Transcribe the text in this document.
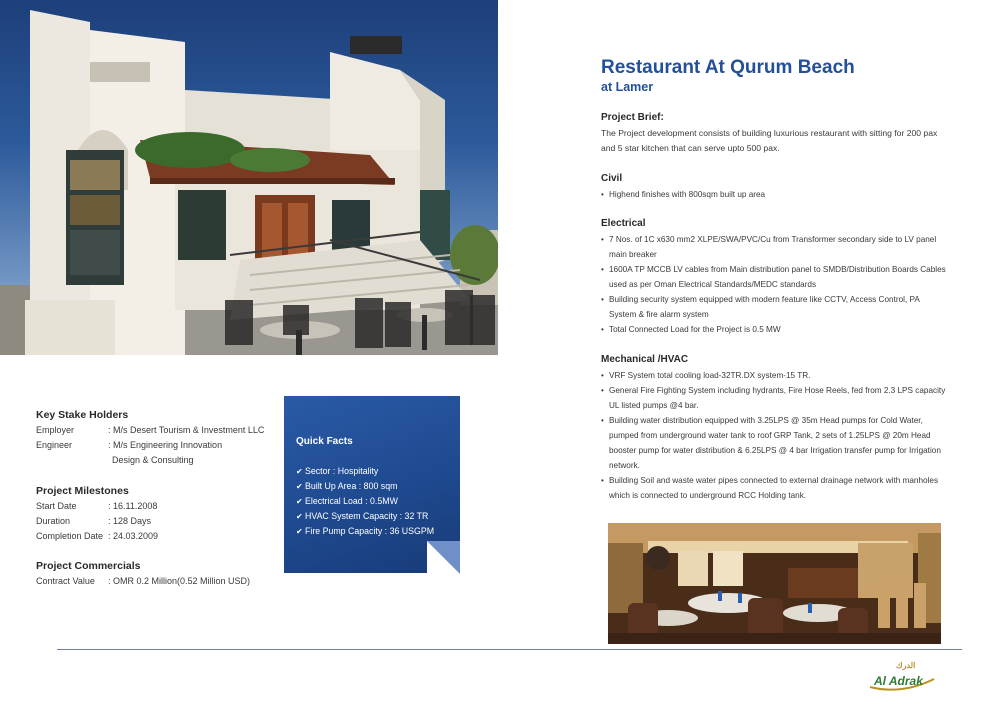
Key Stake Holders
Employer	: M/s Desert Tourism & Investment LLC
Engineer	: M/s Engineering Innovation
Design & Consulting
Project Milestones
Start Date	: 16.11.2008
Duration	: 128 Days
Completion Date : 24.03.2009
Project Commercials
Contract Value : OMR 0.2 Million(0.52 Million USD)
Quick Facts
✔ Sector : Hospitality
✔ Built Up Area : 800 sqm
✔ Electrical Load : 0.5MW
✔ HVAC System Capacity : 32 TR
✔ Fire Pump Capacity : 36 USGPM
Restaurant At Qurum Beach
at Lamer
Project Brief:
The Project development consists of building luxurious restaurant with sitting for 200 pax and 5 star kitchen that can serve upto 500 pax.
Civil
• Highend finishes with 800sqm built up area
Electrical
• 7 Nos. of 1C x630 mm2 XLPE/SWA/PVC/Cu from Transformer secondary side to LV panel main breaker
• 1600A TP MCCB LV cables from Main distribution panel to SMDB/Distribution Boards Cables used as per Oman Electrical Standards/MEDC standards
• Building security system equipped with modern feature like CCTV, Access Control, PA System & fire alarm system
• Total Connected Load for the Project is 0.5 MW
Mechanical /HVAC
• VRF System total cooling load-32TR.DX system-15 TR.
• General Fire Fighting System including hydrants, Fire Hose Reels, fed from 2.3 LPS capacity UL listed pumps @4 bar.
• Building water distribution equipped with 3.25LPS @ 35m Head pumps for Cold Water, pumped from underground water tank to roof GRP Tank, 2 sets of 1.25LPS @ 20m Head booster pump for water distribution & 6.25LPS @ 4 bar Irrigation transfer pump for Irrigation network.
• Building Soil and waste water pipes connected to external drainage network with manholes which is connected to underground RCC Holding tank.
الدرك
Al Adrak
